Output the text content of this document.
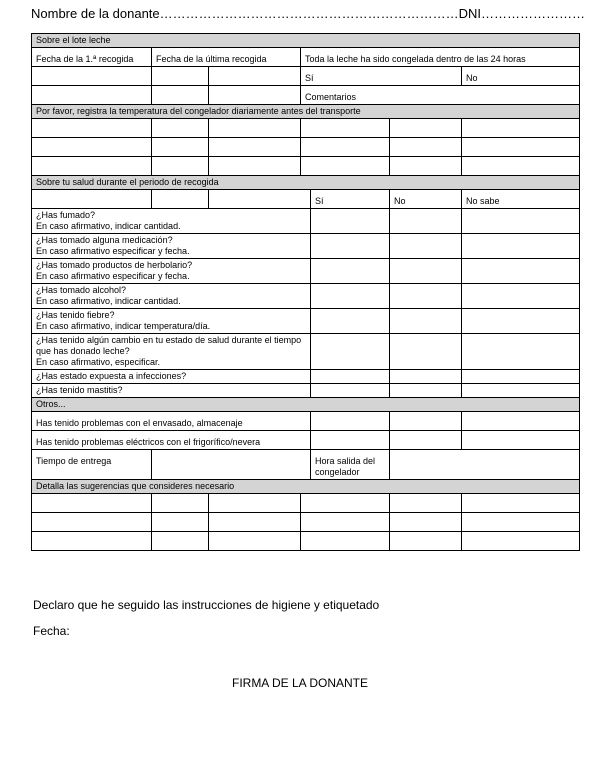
Nombre de la donante……………………………………………………………DNI……………………
Sobre el lote leche						
Fecha de la 1.ª recogida	Fecha de la última recogida		Toda la leche ha sido congelada dentro de las 24 horas			
			Sí			No
			Comentarios			
Por favor, registra la temperatura del congelador diariamente antes del transporte						

Sobre tu salud durante el periodo de recogida						
				Sí	No	No sabe
¿Has fumado?
En caso afirmativo, indicar cantidad.						
¿Has tomado alguna medicación?
En caso afirmativo especificar y fecha.						
¿Has tomado productos de herbolario?
En caso afirmativo especificar y fecha.						
¿Has tomado alcohol?
En caso afirmativo, indicar cantidad.						
¿Has tenido fiebre?
En caso afirmativo, indicar temperatura/día.						
¿Has tenido algún cambio en tu estado de salud durante el tiempo que has donado leche?
En caso afirmativo, especificar.						
¿Has estado expuesta a infecciones?						
¿Has tenido mastitis?						
Otros...						
Has tenido problemas con el envasado, almacenaje						
Has tenido problemas eléctricos con el frigorífico/nevera						
Tiempo de entrega				Hora salida del congelador		
Detalla las sugerencias que consideres necesario						

Declaro que he seguido las instrucciones de higiene y etiquetado
Fecha:
FIRMA DE LA DONANTE
